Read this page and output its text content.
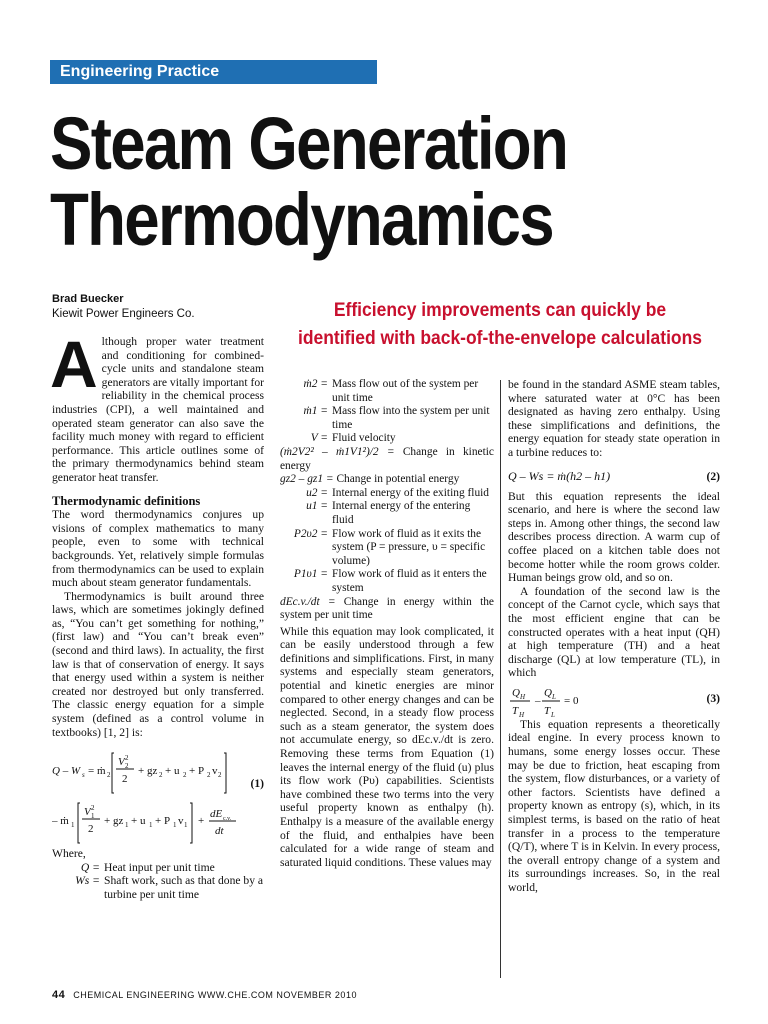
Engineering Practice
Steam Generation
Thermodynamics
Brad Buecker
Kiewit Power Engineers Co.	Efficiency improvements can quickly be identified with back-of-the-envelope calculations

Although proper water treatment and conditioning for combined-cycle units and standalone steam generators are vitally important for reliability in the chemical process industries (CPI), a well maintained and operated steam generator can also save the facility much money with regard to efficient performance. This article outlines some of the primary thermodynamics behind steam generator heat transfer.

Thermodynamic definitions

The word thermodynamics conjures up visions of complex mathematics to many people, even to some with technical backgrounds. Yet, relatively simple formulas from thermodynamics can be used to explain much about steam generator fundamentals.

Thermodynamics is built around three laws, which are sometimes jokingly defined as, “You can’t get something for nothing,” (first law) and “You can’t break even” (second and third laws). In actuality, the first law is that of conservation of energy. It says that energy used within a system is neither created nor destroyed but only transferred. The classic energy equation for a simple system (defined as a control volume in textbooks) [1, 2] is:

Q – W s = ṁ 2
V 2
2
2
+ gz 2 + u 2 + P 2 v 2
– ṁ 1
V 2
1
2
+ gz 1 + u 1 + P 1 v 1 +
dE c.v.
dt
(1)

Where,

Q = Heat input per unit time
Ws = Shaft work, such as that done by a turbine per unit time
ṁ2 = Mass flow out of the system per unit time
ṁ1 = Mass flow into the system per unit time
V = Fluid velocity
(ṁ2V2² – ṁ1V1²)/2 = Change in kinetic energy
gz2 – gz1 = Change in potential energy
u2 = Internal energy of the exiting fluid
u1 = Internal energy of the entering fluid
P2υ2 = Flow work of fluid as it exits the system (P = pressure, υ = specific volume)
P1υ1 = Flow work of fluid as it enters the system
dEc.v./dt = Change in energy within the system per unit time

While this equation may look complicated, it can be easily understood through a few definitions and simplifications. First, in many systems and especially steam generators, potential and kinetic energies are minor compared to other energy changes and can be neglected. Second, in a steady flow process such as a steam generator, the system does not accumulate energy, so dEc.v./dt is zero. Removing these terms from Equation (1) leaves the internal energy of the fluid (u) plus its flow work (Pυ) capabilities. Scientists have combined these two terms into the very useful property known as enthalpy (h). Enthalpy is a measure of the available energy of the fluid, and enthalpies have been calculated for a wide range of steam and saturated liquid conditions. These values may

be found in the standard ASME steam tables, where saturated water at 0°C has been designated as having zero enthalpy. Using these simplifications and definitions, the energy equation for steady state operation in a turbine reduces to:

Q – Ws = ṁ(h2 – h1)	(2)

But this equation represents the ideal scenario, and here is where the second law steps in. Among other things, the second law describes process direction. A warm cup of coffee placed on a kitchen table does not become hotter while the room grows colder. Human beings grow old, and so on.

A foundation of the second law is the concept of the Carnot cycle, which says that the most efficient engine that can be constructed operates with a heat input (QH) at high temperature (TH) and a heat discharge (QL) at low temperature (TL), in which

Q H
T H
–
Q L
T L
= 0	(3)

This equation represents a theoretically ideal engine. In every process known to humans, some energy losses occur. These may be due to friction, heat escaping from the system, flow disturbances, or a variety of other factors. Scientists have defined a property known as entropy (s), which, in its simplest terms, is based on the ratio of heat transfer in a process to the temperature (Q/T), where T is in Kelvin. In every process, the overall entropy change of a system and its surroundings increases. So, in the real world,

44 CHEMICAL ENGINEERING WWW.CHE.COM NOVEMBER 2010
